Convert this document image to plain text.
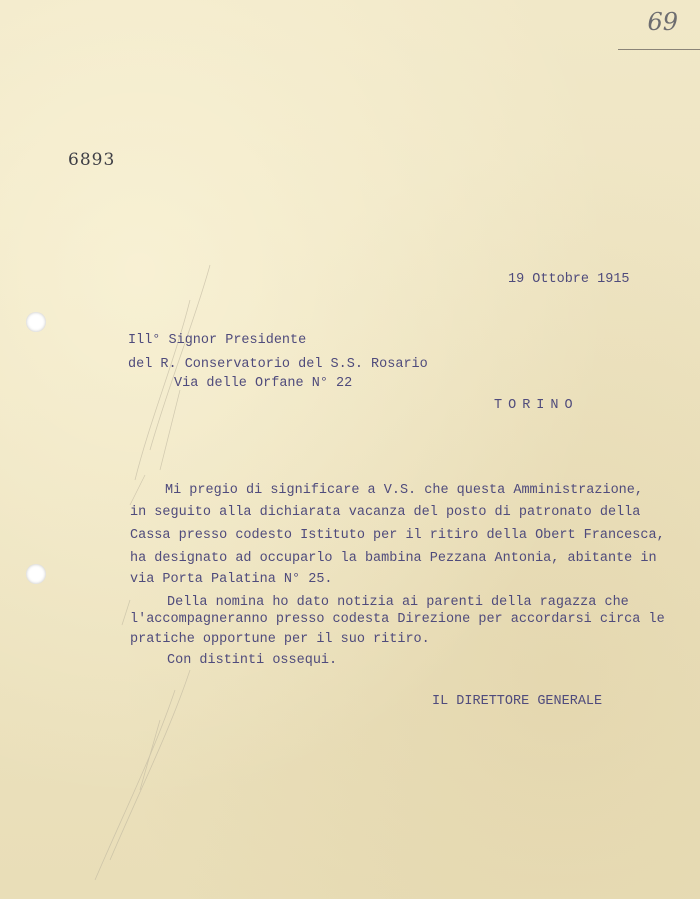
69
6893
19 Ottobre 1915
Ill° Signor Presidente
del R. Conservatorio del S.S. Rosario
Via delle Orfane N° 22
TORINO
Mi pregio di significare a V.S. che questa Amministrazione,
in seguito alla dichiarata vacanza del posto di patronato della
Cassa presso codesto Istituto per il ritiro della Obert Francesca,
ha designato ad occuparlo la bambina Pezzana Antonia, abitante in
via Porta Palatina N° 25.
Della nomina ho dato notizia ai parenti della ragazza che
l'accompagneranno presso codesta Direzione per accordarsi circa le
pratiche opportune per il suo ritiro.
Con distinti ossequi.
IL DIRETTORE GENERALE
